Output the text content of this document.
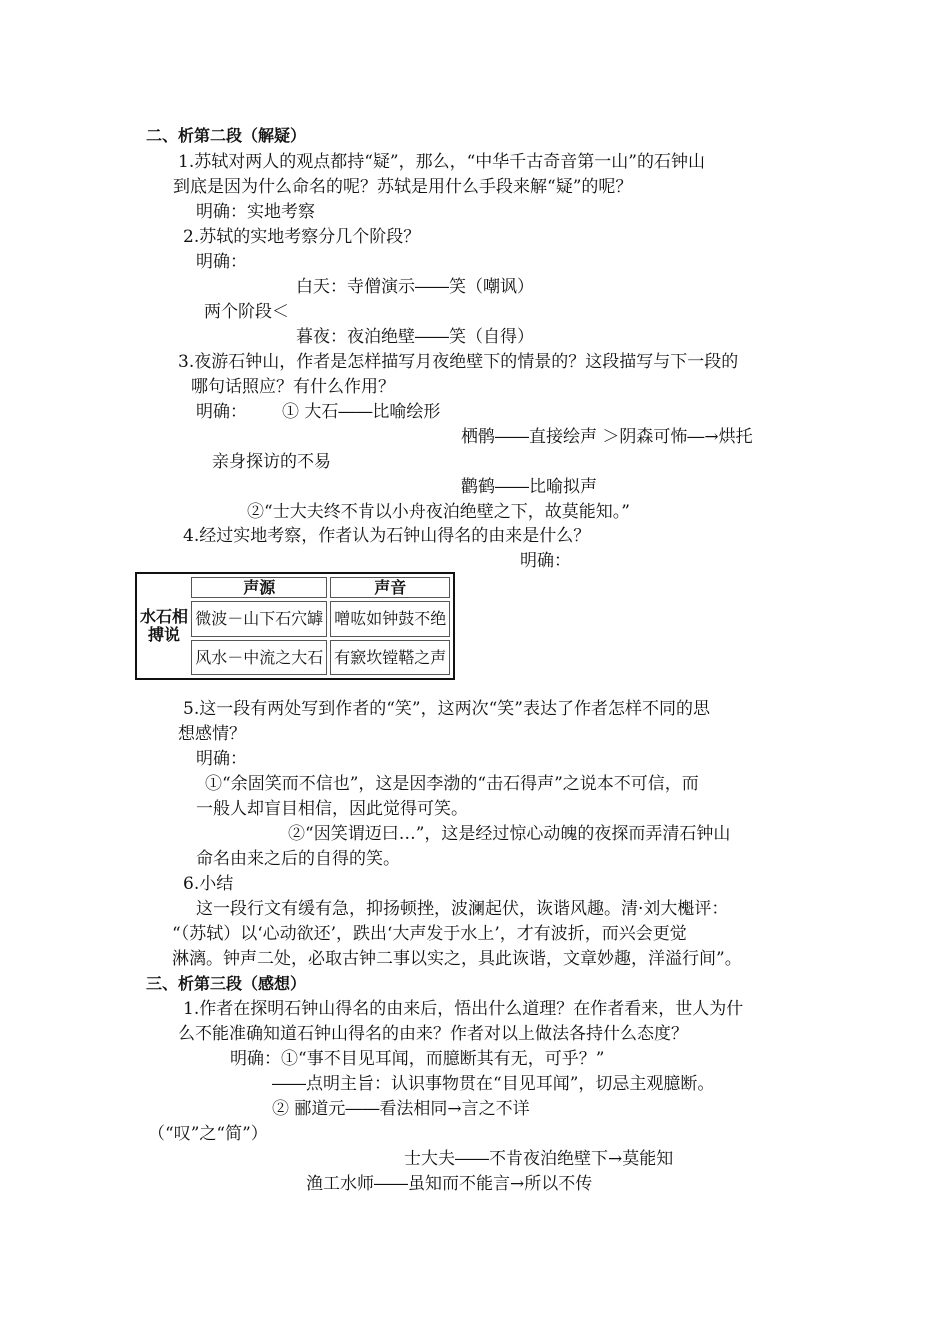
二、析第二段（解疑）
1.苏轼对两人的观点都持“疑”，那么，“中华千古奇音第一山”的石钟山
到底是因为什么命名的呢？苏轼是用什么手段来解“疑”的呢？
明确：实地考察
2.苏轼的实地考察分几个阶段？
明确：
白天：寺僧演示――笑（嘲讽）
两个阶段＜
暮夜：夜泊绝壁――笑（自得）
3.夜游石钟山，作者是怎样描写月夜绝壁下的情景的？这段描写与下一段的
哪句话照应？有什么作用？
明确： ① 大石――比喻绘形
栖鹘――直接绘声 ＞阴森可怖―→烘托
亲身探访的不易
鹳鹤――比喻拟声
②“士大夫终不肯以小舟夜泊绝壁之下，故莫能知。”
4.经过实地考察，作者认为石钟山得名的由来是什么？
明确：
水石相搏说	声源	声音
	微波－山下石穴罅	噌吰如钟鼓不绝
	风水－中流之大石	有窾坎镗鞳之声
5.这一段有两处写到作者的“笑”，这两次“笑”表达了作者怎样不同的思
想感情？
明确：
①“余固笑而不信也”，这是因李渤的“击石得声”之说本不可信，而
一般人却盲目相信，因此觉得可笑。
②“因笑谓迈曰…”，这是经过惊心动魄的夜探而弄清石钟山
命名由来之后的自得的笑。
6.小结
这一段行文有缓有急，抑扬顿挫，波澜起伏，诙谐风趣。清·刘大櫆评：
“（苏轼）以‘心动欲还’，跌出‘大声发于水上’，才有波折，而兴会更觉
淋漓。钟声二处，必取古钟二事以实之，具此诙谐，文章妙趣，洋溢行间”。
三、析第三段（感想）
1.作者在探明石钟山得名的由来后，悟出什么道理？在作者看来，世人为什
么不能准确知道石钟山得名的由来？作者对以上做法各持什么态度？
明确：①“事不目见耳闻，而臆断其有无，可乎？”
――点明主旨：认识事物贯在“目见耳闻”，切忌主观臆断。
② 郦道元――看法相同→言之不详
（“叹”之“简”）
士大夫――不肯夜泊绝壁下→莫能知
渔工水师――虽知而不能言→所以不传
